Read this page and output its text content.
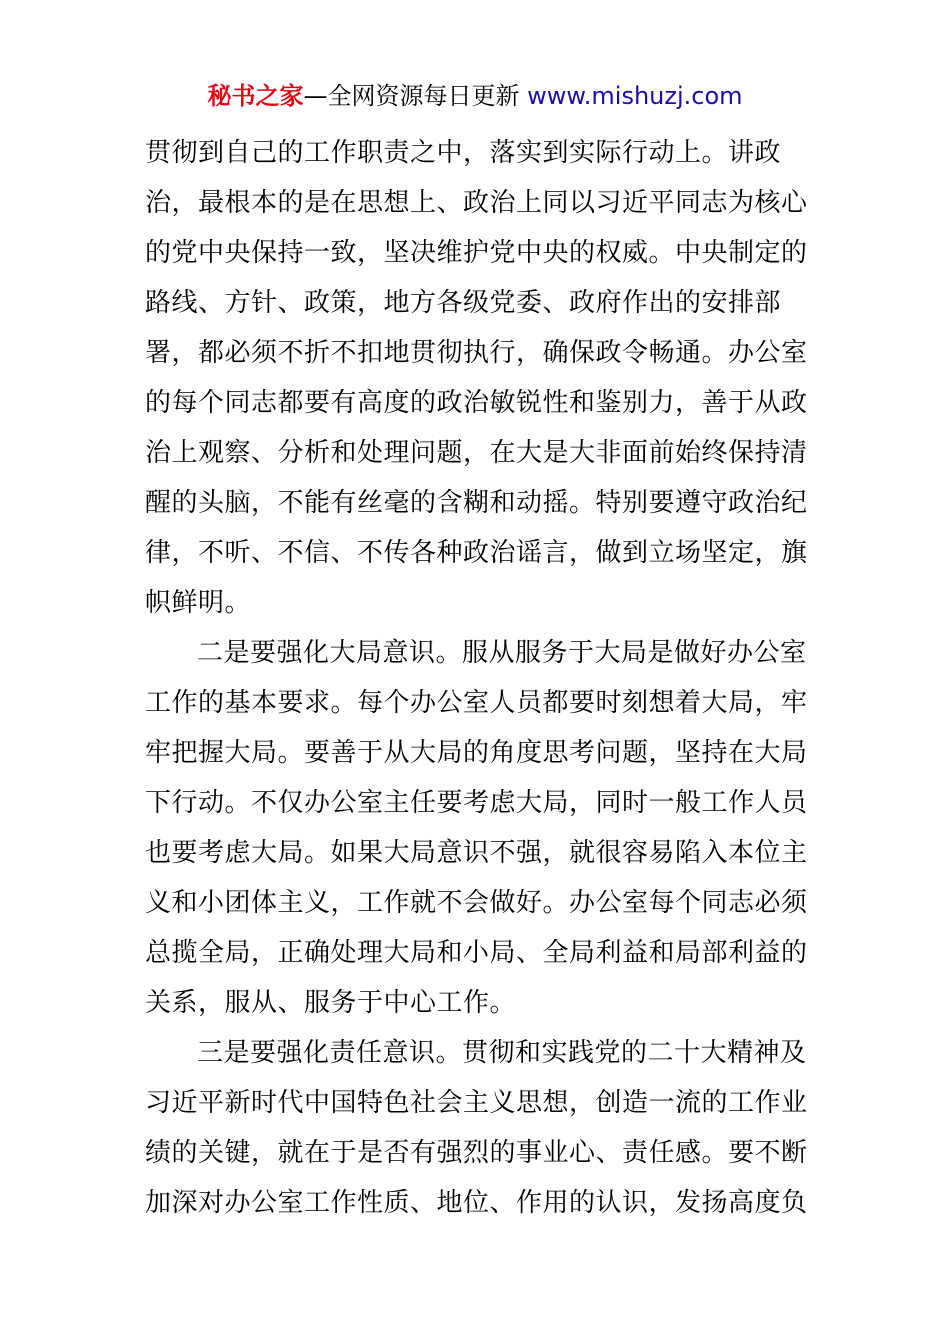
秘书之家—全网资源每日更新 www.mishuzj.com
贯彻到自己的工作职责之中，落实到实际行动上。讲政
治，最根本的是在思想上、政治上同以习近平同志为核心
的党中央保持一致，坚决维护党中央的权威。中央制定的
路线、方针、政策，地方各级党委、政府作出的安排部
署，都必须不折不扣地贯彻执行，确保政令畅通。办公室
的每个同志都要有高度的政治敏锐性和鉴别力，善于从政
治上观察、分析和处理问题，在大是大非面前始终保持清
醒的头脑，不能有丝毫的含糊和动摇。特别要遵守政治纪
律，不听、不信、不传各种政治谣言，做到立场坚定，旗
帜鲜明。
二是要强化大局意识。服从服务于大局是做好办公室
工作的基本要求。每个办公室人员都要时刻想着大局，牢
牢把握大局。要善于从大局的角度思考问题，坚持在大局
下行动。不仅办公室主任要考虑大局，同时一般工作人员
也要考虑大局。如果大局意识不强，就很容易陷入本位主
义和小团体主义，工作就不会做好。办公室每个同志必须
总揽全局，正确处理大局和小局、全局利益和局部利益的
关系，服从、服务于中心工作。
三是要强化责任意识。贯彻和实践党的二十大精神及
习近平新时代中国特色社会主义思想，创造一流的工作业
绩的关键，就在于是否有强烈的事业心、责任感。要不断
加深对办公室工作性质、地位、作用的认识，发扬高度负
